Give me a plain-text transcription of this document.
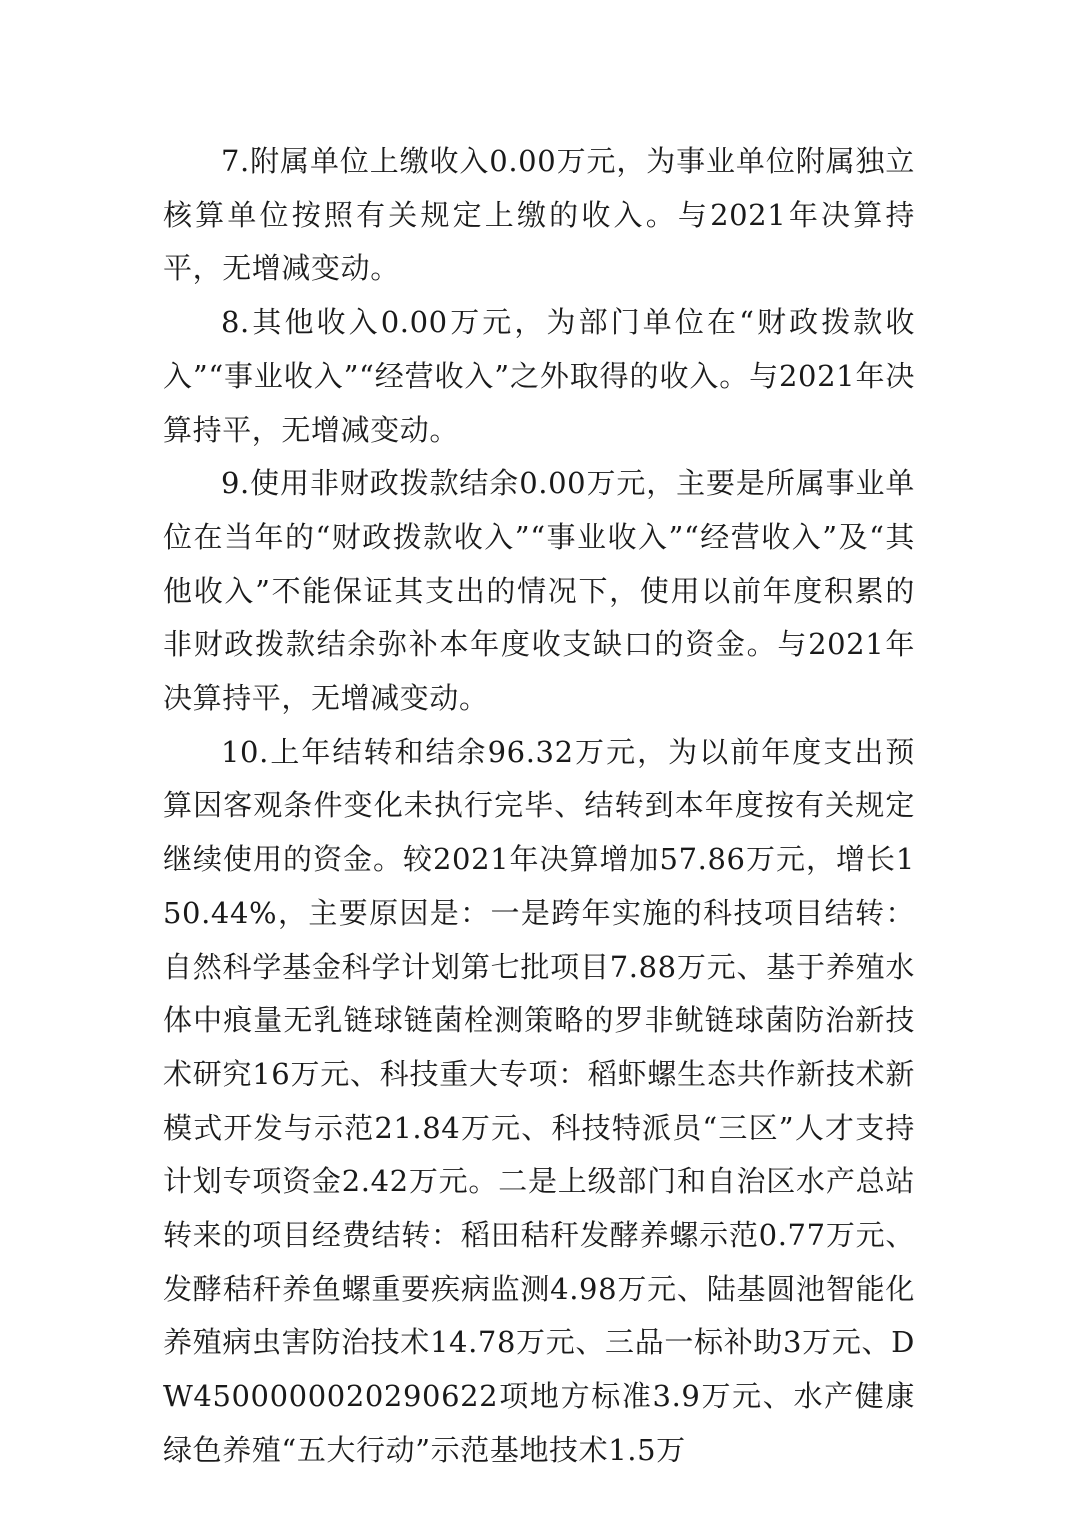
7.附属单位上缴收入0.00万元，为事业单位附属独立核算单位按照有关规定上缴的收入。与2021年决算持平，无增减变动。

8.其他收入0.00万元，为部门单位在“财政拨款收入”“事业收入”“经营收入”之外取得的收入。与2021年决算持平，无增减变动。

9.使用非财政拨款结余0.00万元，主要是所属事业单位在当年的“财政拨款收入”“事业收入”“经营收入”及“其他收入”不能保证其支出的情况下，使用以前年度积累的非财政拨款结余弥补本年度收支缺口的资金。与2021年决算持平，无增减变动。

10.上年结转和结余96.32万元，为以前年度支出预算因客观条件变化未执行完毕、结转到本年度按有关规定继续使用的资金。较2021年决算增加57.86万元，增长150.44%，主要原因是：一是跨年实施的科技项目结转：自然科学基金科学计划第七批项目7.88万元、基于养殖水体中痕量无乳链球链菌栓测策略的罗非鱿链球菌防治新技术研究16万元、科技重大专项：稻虾螺生态共作新技术新模式开发与示范21.84万元、科技特派员“三区”人才支持计划专项资金2.42万元。二是上级部门和自治区水产总站转来的项目经费结转：稻田秸秆发酵养螺示范0.77万元、发酵秸秆养鱼螺重要疾病监测4.98万元、陆基圆池智能化养殖病虫害防治技术14.78万元、三品一标补助3万元、DW4500000020290622项地方标准3.9万元、水产健康绿色养殖“五大行动”示范基地技术1.5万
